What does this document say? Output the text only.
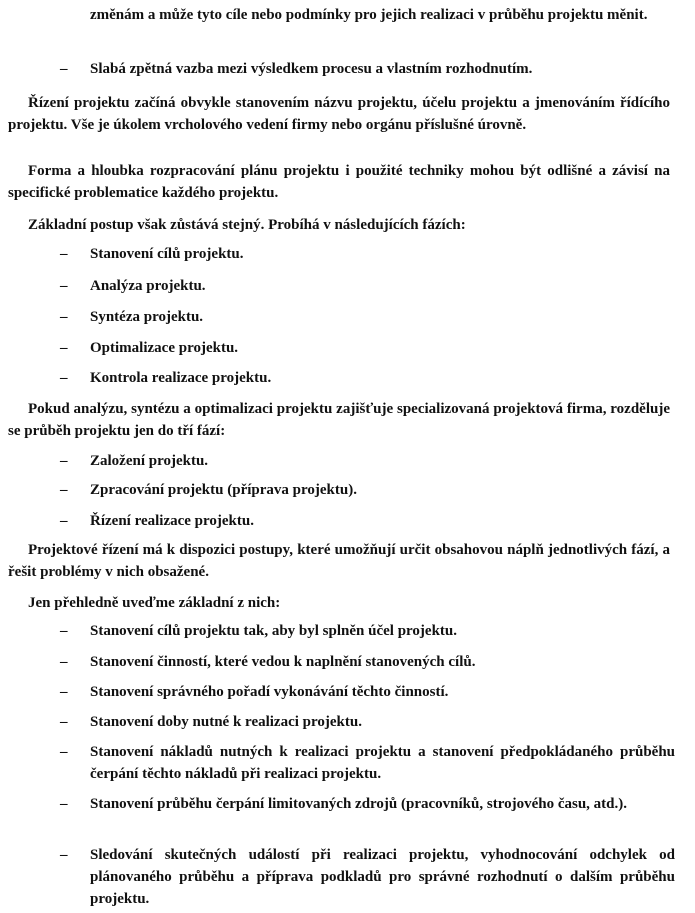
změnám a může tyto cíle nebo podmínky pro jejich realizaci v průběhu projektu měnit.

–	Slabá zpětná vazba mezi výsledkem procesu a vlastním rozhodnutím.

Řízení projektu začíná obvykle stanovením názvu projektu, účelu projektu a jmenováním řídícího projektu. Vše je úkolem vrcholového vedení firmy nebo orgánu příslušné úrovně.

Forma a hloubka rozpracování plánu projektu i použité techniky mohou být odlišné a závisí na specifické problematice každého projektu.

Základní postup však zůstává stejný. Probíhá v následujících fázích:

–	Stanovení cílů projektu.
–	Analýza projektu.
–	Syntéza projektu.
–	Optimalizace projektu.
–	Kontrola realizace projektu.

Pokud analýzu, syntézu a optimalizaci projektu zajišťuje specializovaná projektová firma, rozděluje se průběh projektu jen do tří fází:

–	Založení projektu.
–	Zpracování projektu (příprava projektu).
–	Řízení realizace projektu.

Projektové řízení má k dispozici postupy, které umožňují určit obsahovou náplň jednotlivých fází, a řešit problémy v nich obsažené.

Jen přehledně uveďme základní z nich:

–	Stanovení cílů projektu tak, aby byl splněn účel projektu.
–	Stanovení činností, které vedou k naplnění stanovených cílů.
–	Stanovení správného pořadí vykonávání těchto činností.
–	Stanovení doby nutné k realizaci projektu.
–	Stanovení nákladů nutných k realizaci projektu a stanovení předpokládaného průběhu čerpání těchto nákladů při realizaci projektu.
–	Stanovení průběhu čerpání limitovaných zdrojů (pracovníků, strojového času, atd.).
–	Sledování skutečných událostí při realizaci projektu, vyhodnocování odchylek od plánovaného průběhu a příprava podkladů pro správné rozhodnutí o dalším průběhu projektu.
